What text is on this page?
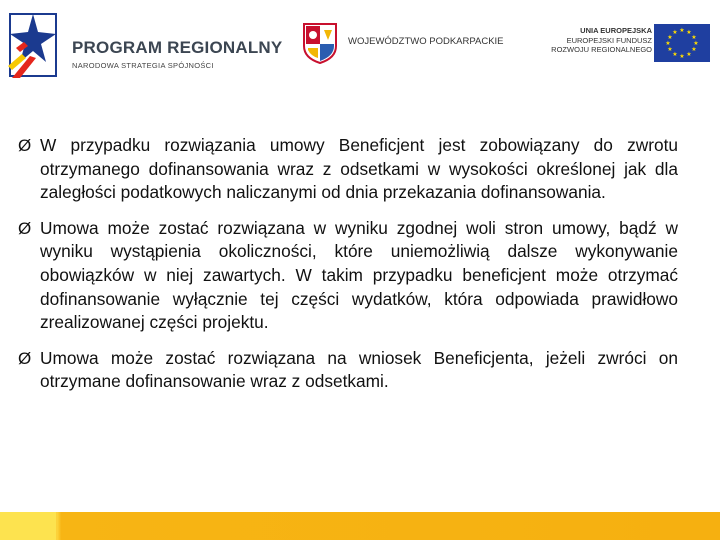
PROGRAM REGIONALNY
NARODOWA STRATEGIA SPÓJNOŚCI
WOJEWÓDZTWO PODKARPACKIE
UNIA EUROPEJSKA
EUROPEJSKI FUNDUSZ
ROZWOJU REGIONALNEGO
★ ★
★
★
★
★
★
★
★
★
★
★
Ø W przypadku rozwiązania umowy Beneficjent jest zobowiązany do zwrotu otrzymanego dofinansowania wraz z odsetkami w wysokości określonej jak dla zaległości podatkowych naliczanymi od dnia przekazania dofinansowania.
Ø Umowa może zostać rozwiązana w wyniku zgodnej woli stron umowy, bądź w wyniku wystąpienia okoliczności, które uniemożliwią dalsze wykonywanie obowiązków w niej zawartych. W takim przypadku beneficjent może otrzymać dofinansowanie wyłącznie tej części wydatków, która odpowiada prawidłowo zrealizowanej części projektu.
Ø Umowa może zostać rozwiązana na wniosek Beneficjenta, jeżeli zwróci on otrzymane dofinansowanie wraz z odsetkami.
